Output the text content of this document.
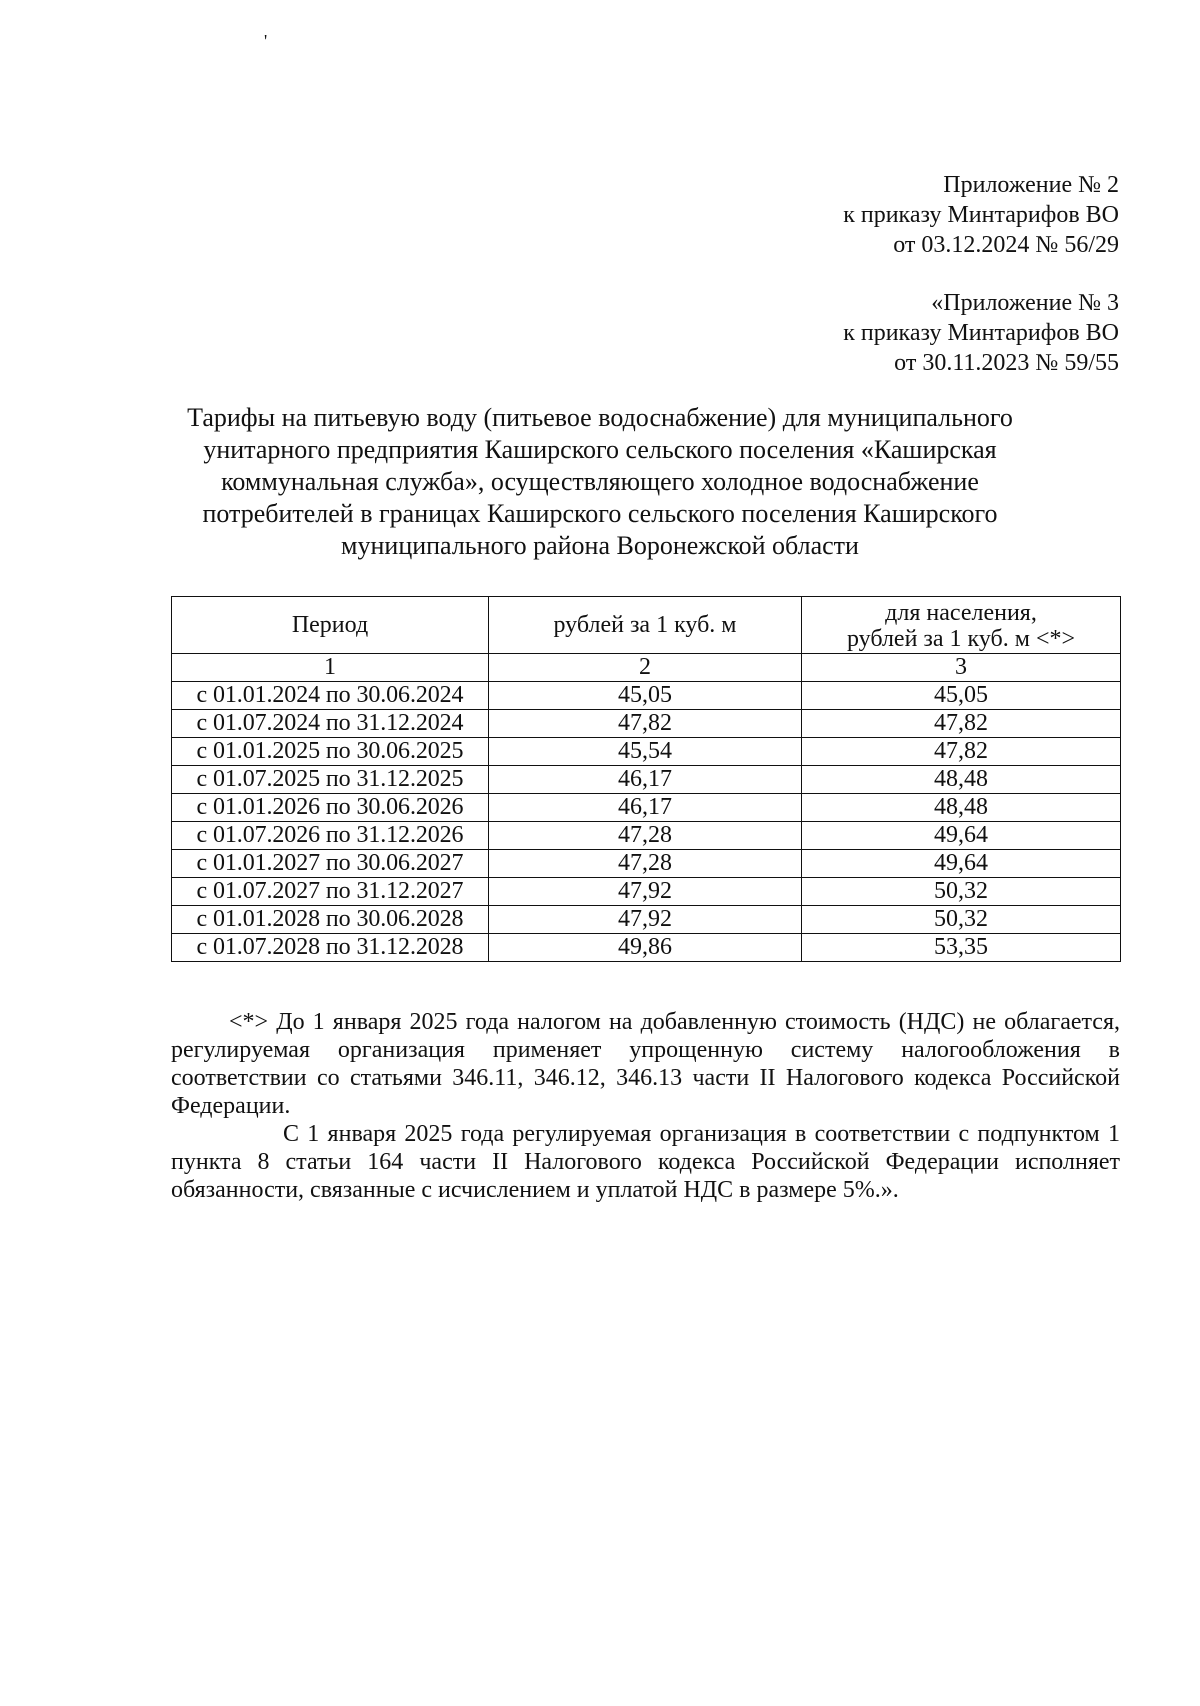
'
Приложение № 2
к приказу Минтарифов ВО
от 03.12.2024 № 56/29
«Приложение № 3
к приказу Минтарифов ВО
от 30.11.2023 № 59/55
Тарифы на питьевую воду (питьевое водоснабжение) для муниципального
унитарного предприятия Каширского сельского поселения «Каширская
коммунальная служба», осуществляющего холодное водоснабжение
потребителей в границах Каширского сельского поселения Каширского
муниципального района Воронежской области
Период	рублей за 1 куб. м	для населения,
рублей за 1 куб. м <*>

1	2	3
с 01.01.2024 по 30.06.2024	45,05	45,05
с 01.07.2024 по 31.12.2024	47,82	47,82
с 01.01.2025 по 30.06.2025	45,54	47,82
с 01.07.2025 по 31.12.2025	46,17	48,48
с 01.01.2026 по 30.06.2026	46,17	48,48
с 01.07.2026 по 31.12.2026	47,28	49,64
с 01.01.2027 по 30.06.2027	47,28	49,64
с 01.07.2027 по 31.12.2027	47,92	50,32
с 01.01.2028 по 30.06.2028	47,92	50,32
с 01.07.2028 по 31.12.2028	49,86	53,35

<*> До 1 января 2025 года налогом на добавленную стоимость (НДС) не облагается, регулируемая организация применяет упрощенную систему налогообложения в соответствии со статьями 346.11, 346.12, 346.13 части II Налогового кодекса Российской Федерации.

С 1 января 2025 года регулируемая организация в соответствии с подпунктом 1 пункта 8 статьи 164 части II Налогового кодекса Российской Федерации исполняет обязанности, связанные с исчислением и уплатой НДС в размере 5%.».
